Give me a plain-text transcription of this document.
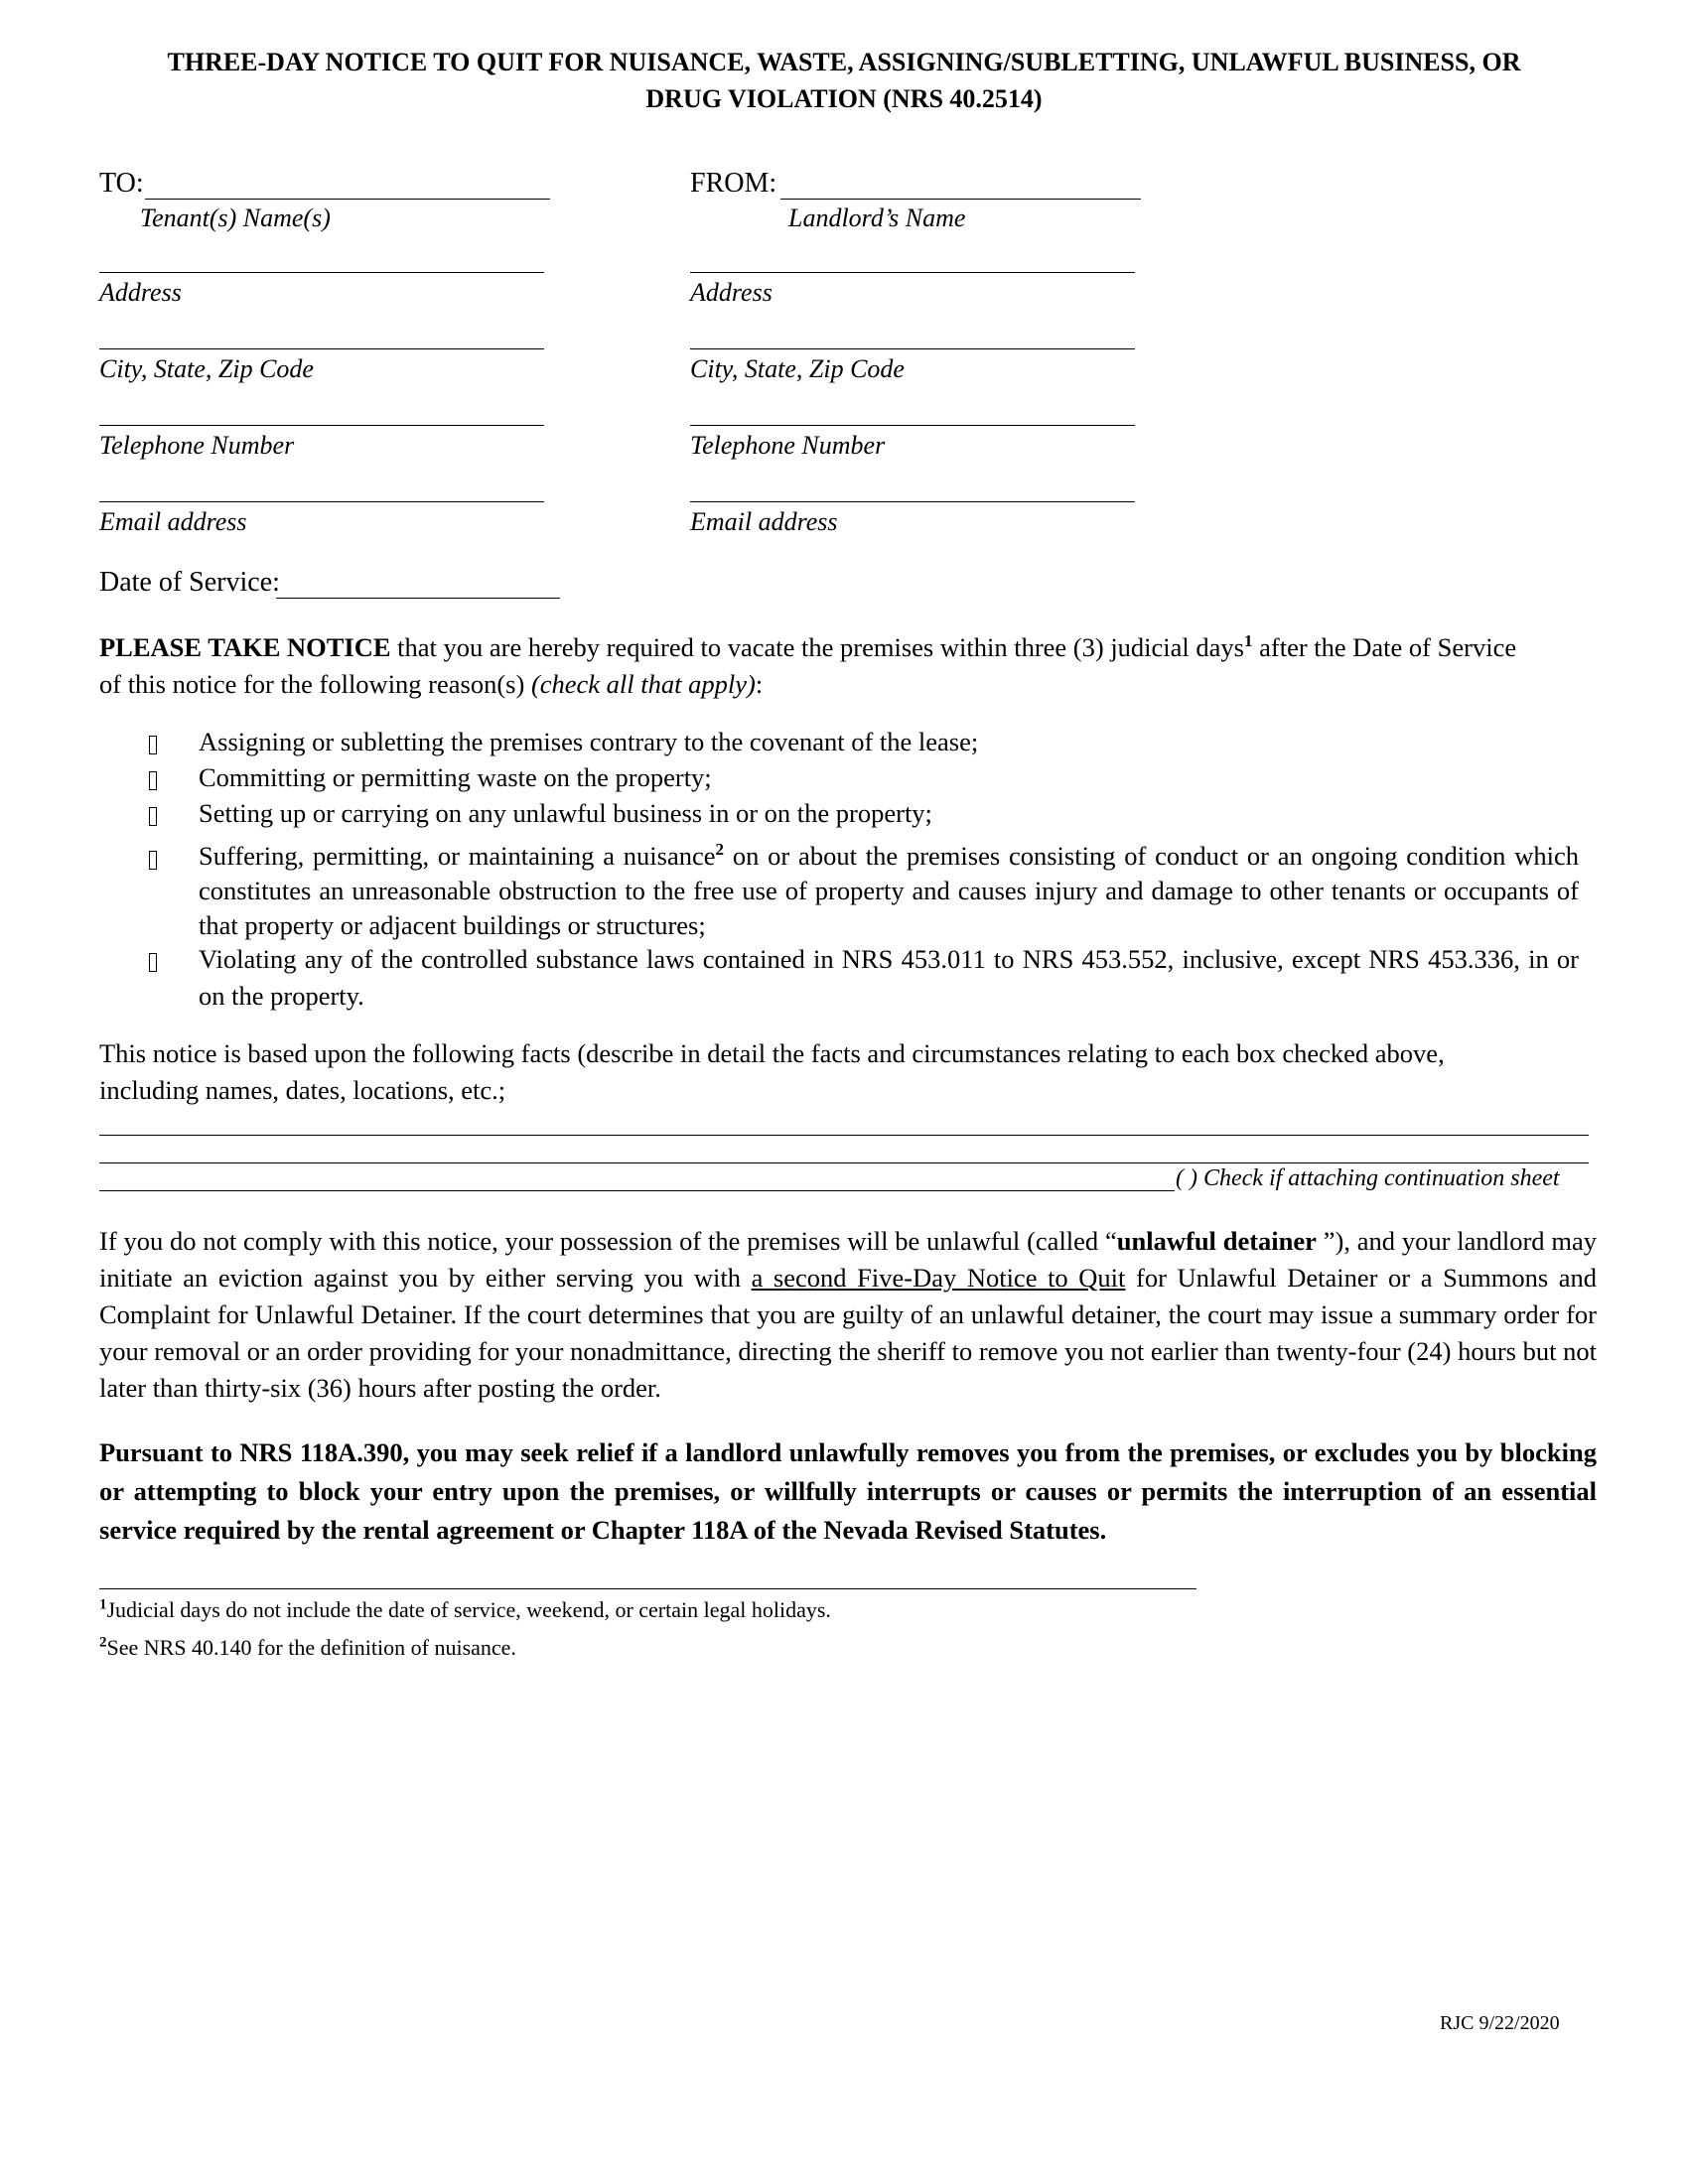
THREE-DAY NOTICE TO QUIT FOR NUISANCE, WASTE, ASSIGNING/SUBLETTING, UNLAWFUL BUSINESS, OR
DRUG VIOLATION (NRS 40.2514)
TO:
Tenant(s) Name(s)
FROM:
Landlord’s Name
Address
City, State, Zip Code
Telephone Number
Email address
Address
City, State, Zip Code
Telephone Number
Email address
Date of Service:
PLEASE TAKE NOTICE that you are hereby required to vacate the premises within three (3) judicial days$^1$ after the Date of Service
of this notice for the following reason(s) (check all that apply):
Assigning or subletting the premises contrary to the covenant of the lease;
Committing or permitting waste on the property;
Setting up or carrying on any unlawful business in or on the property;
Suffering, permitting, or maintaining a nuisance$^2$ on or about the premises consisting of conduct or an ongoing condition which constitutes an unreasonable obstruction to the free use of property and causes injury and damage to other tenants or occupants of that property or adjacent buildings or structures;
Violating any of the controlled substance laws contained in NRS 453.011 to NRS 453.552, inclusive, except NRS 453.336, in or on the property.
This notice is based upon the following facts (describe in detail the facts and circumstances relating to each box checked above, including names, dates, locations, etc.;
( ) Check if attaching continuation sheet
If you do not comply with this notice, your possession of the premises will be unlawful (called “unlawful detainer ”), and your landlord may initiate an eviction against you by either serving you with a second Five-Day Notice to Quit for Unlawful Detainer or a Summons and Complaint for Unlawful Detainer. If the court determines that you are guilty of an unlawful detainer, the court may issue a summary order for your removal or an order providing for your nonadmittance, directing the sheriff to remove you not earlier than twenty-four (24) hours but not later than thirty-six (36) hours after posting the order.
Pursuant to NRS 118A.390, you may seek relief if a landlord unlawfully removes you from the premises, or excludes you by blocking or attempting to block your entry upon the premises, or willfully interrupts or causes or permits the interruption of an essential service required by the rental agreement or Chapter 118A of the Nevada Revised Statutes.
$^1$Judicial days do not include the date of service, weekend, or certain legal holidays.
$^2$See NRS 40.140 for the definition of nuisance.
RJC 9/22/2020
